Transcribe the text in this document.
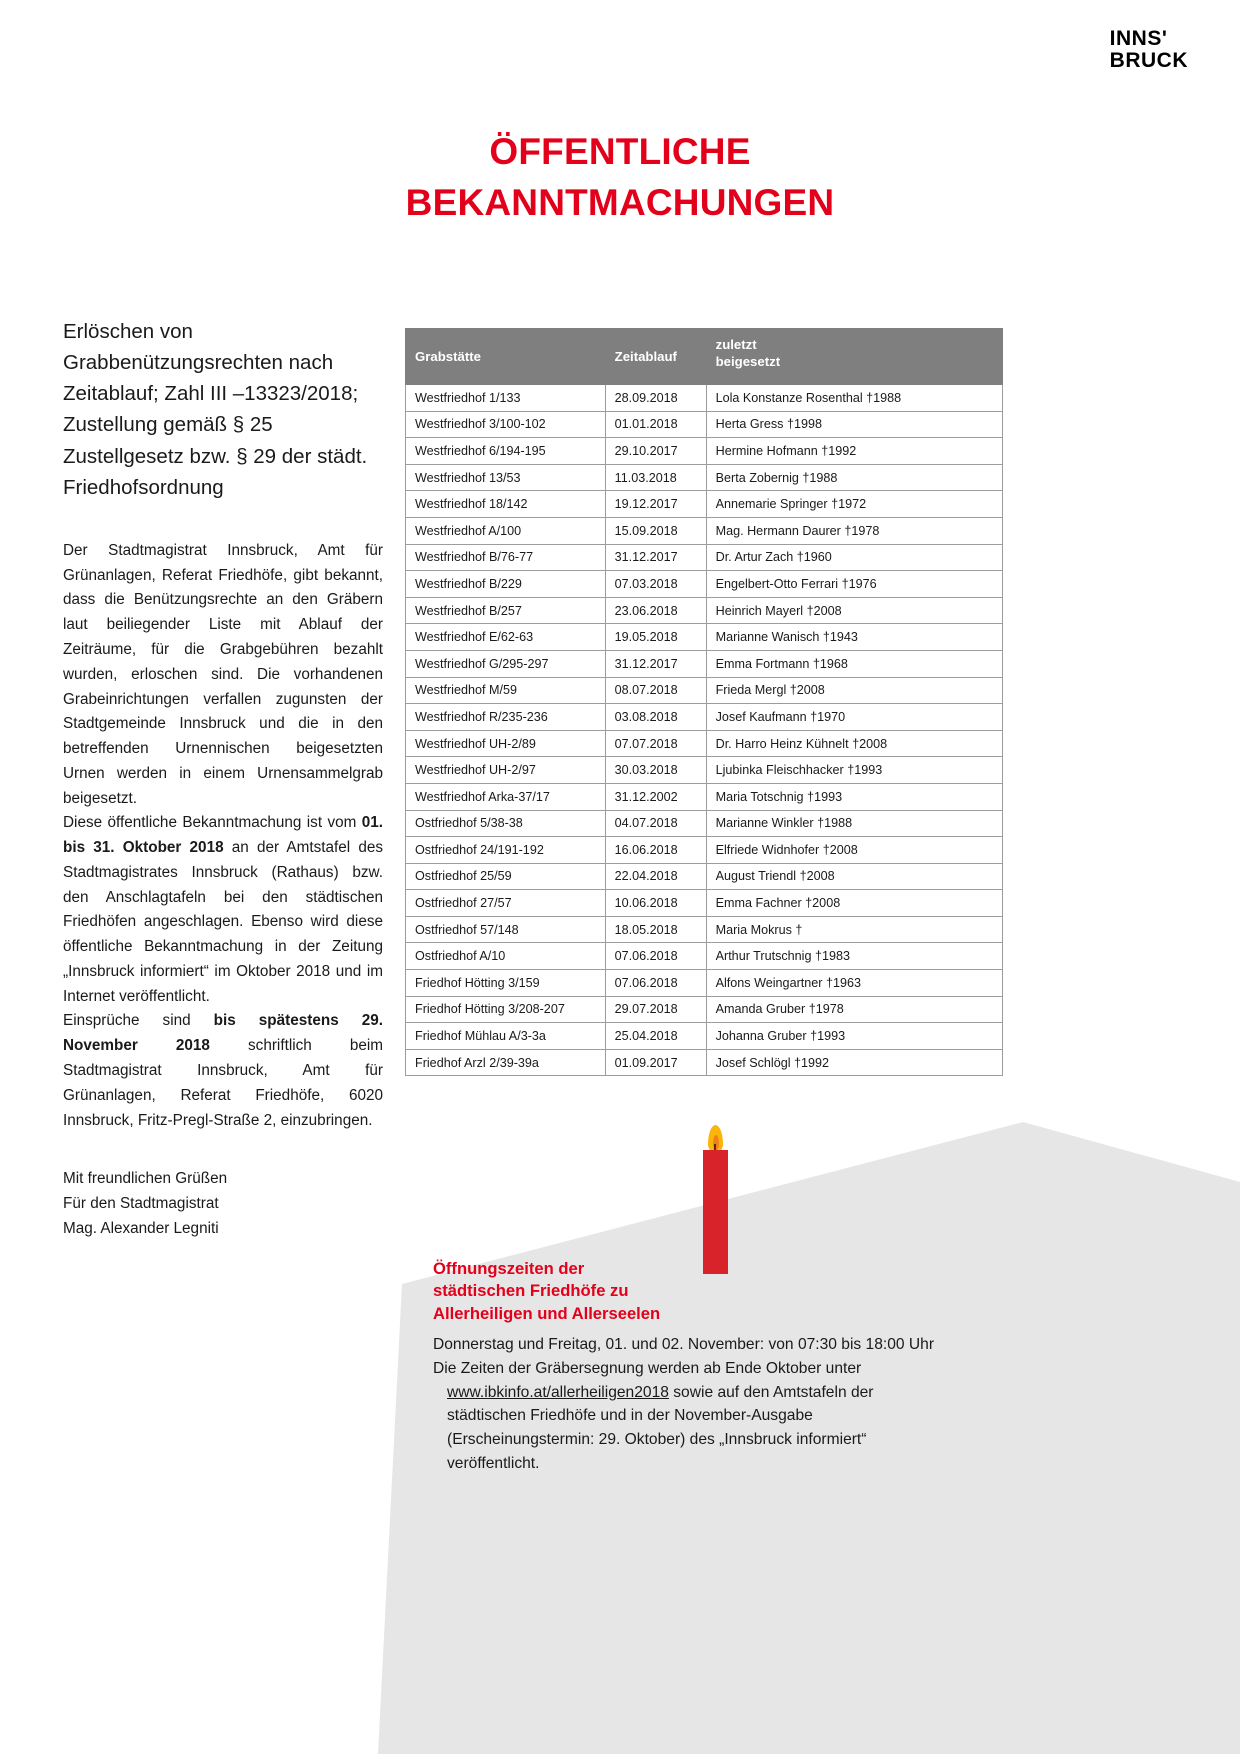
INNS'
BRUCK
ÖFFENTLICHE
BEKANNTMACHUNGEN
Erlöschen von Grabbenützungsrechten nach Zeitablauf; Zahl III –13323/2018; Zustellung gemäß § 25 Zustellgesetz bzw. § 29 der städt. Friedhofsordnung

Der Stadtmagistrat Innsbruck, Amt für Grünanlagen, Referat Friedhöfe, gibt bekannt, dass die Benützungsrechte an den Gräbern laut beiliegender Liste mit Ablauf der Zeiträume, für die Grabgebühren bezahlt wurden, erloschen sind. Die vorhandenen Grabeinrichtungen verfallen zugunsten der Stadtgemeinde Innsbruck und die in den betreffenden Urnennischen beigesetzten Urnen werden in einem Urnensammelgrab beigesetzt.

Diese öffentliche Bekanntmachung ist vom 01. bis 31. Oktober 2018 an der Amtstafel des Stadtmagistrates Innsbruck (Rathaus) bzw. den Anschlagtafeln bei den städtischen Friedhöfen angeschlagen. Ebenso wird diese öffentliche Bekanntmachung in der Zeitung „Innsbruck informiert“ im Oktober 2018 und im Internet veröffentlicht.

Einsprüche sind bis spätestens 29. November 2018 schriftlich beim Stadtmagistrat Innsbruck, Amt für Grünanlagen, Referat Friedhöfe, 6020 Innsbruck, Fritz-Pregl-Straße 2, einzubringen.

Mit freundlichen Grüßen
Für den Stadtmagistrat
Mag. Alexander Legniti
Grabstätte	Zeitablauf	zuletzt
beigesetzt

Westfriedhof 1/133	28.09.2018	Lola Konstanze Rosenthal †1988
Westfriedhof 3/100-102	01.01.2018	Herta Gress †1998
Westfriedhof 6/194-195	29.10.2017	Hermine Hofmann †1992
Westfriedhof 13/53	11.03.2018	Berta Zobernig †1988
Westfriedhof 18/142	19.12.2017	Annemarie Springer †1972
Westfriedhof A/100	15.09.2018	Mag. Hermann Daurer †1978
Westfriedhof B/76-77	31.12.2017	Dr. Artur Zach †1960
Westfriedhof B/229	07.03.2018	Engelbert-Otto Ferrari †1976
Westfriedhof B/257	23.06.2018	Heinrich Mayerl †2008
Westfriedhof E/62-63	19.05.2018	Marianne Wanisch †1943
Westfriedhof G/295-297	31.12.2017	Emma Fortmann †1968
Westfriedhof M/59	08.07.2018	Frieda Mergl †2008
Westfriedhof R/235-236	03.08.2018	Josef Kaufmann †1970
Westfriedhof UH-2/89	07.07.2018	Dr. Harro Heinz Kühnelt †2008
Westfriedhof UH-2/97	30.03.2018	Ljubinka Fleischhacker †1993
Westfriedhof Arka-37/17	31.12.2002	Maria Totschnig †1993
Ostfriedhof 5/38-38	04.07.2018	Marianne Winkler †1988
Ostfriedhof 24/191-192	16.06.2018	Elfriede Widnhofer †2008
Ostfriedhof 25/59	22.04.2018	August Triendl †2008
Ostfriedhof 27/57	10.06.2018	Emma Fachner †2008
Ostfriedhof 57/148	18.05.2018	Maria Mokrus †
Ostfriedhof A/10	07.06.2018	Arthur Trutschnig †1983
Friedhof Hötting 3/159	07.06.2018	Alfons Weingartner †1963
Friedhof Hötting 3/208-207	29.07.2018	Amanda Gruber †1978
Friedhof Mühlau A/3-3a	25.04.2018	Johanna Gruber †1993
Friedhof Arzl 2/39-39a	01.09.2017	Josef Schlögl †1992
Öffnungszeiten der
städtischen Friedhöfe zu
Allerheiligen und Allerseelen

Donnerstag und Freitag, 01. und 02. November: von 07:30 bis 18:00 Uhr

Die Zeiten der Gräbersegnung werden ab Ende Oktober unter www.ibkinfo.at/allerheiligen2018 sowie auf den Amtstafeln der städtischen Friedhöfe und in der November-Ausgabe (Erscheinungstermin: 29. Oktober) des „Innsbruck informiert“ veröffentlicht.
